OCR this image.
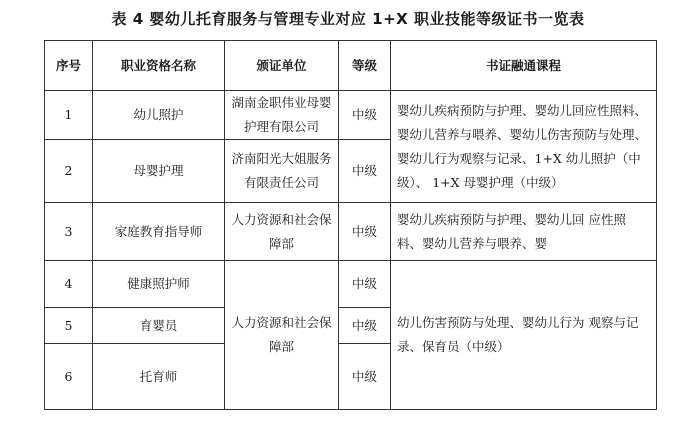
表 4 婴幼儿托育服务与管理专业对应 1+X 职业技能等级证书一览表
序号	职业资格名称	颁证单位	等级	书证融通课程
1	幼儿照护	湖南金职伟业母婴护理有限公司	中级	婴幼儿疾病预防与护理、婴幼儿回应性照料、婴幼儿营养与喂养、婴幼儿伤害预防与处理、婴幼儿行为观察与记录、1+X 幼儿照护（中级）、 1+X 母婴护理（中级）
2	母婴护理	济南阳光大姐服务有限责任公司	中级	
3	家庭教育指导师	人力资源和社会保障部	中级	婴幼儿疾病预防与护理、婴幼儿回 应性照料、婴幼儿营养与喂养、婴
4	健康照护师	人力资源和社会保障部	中级	幼儿伤害预防与处理、婴幼儿行为 观察与记录、保育员（中级）
5	育婴员		中级	
6	托育师		中级	
